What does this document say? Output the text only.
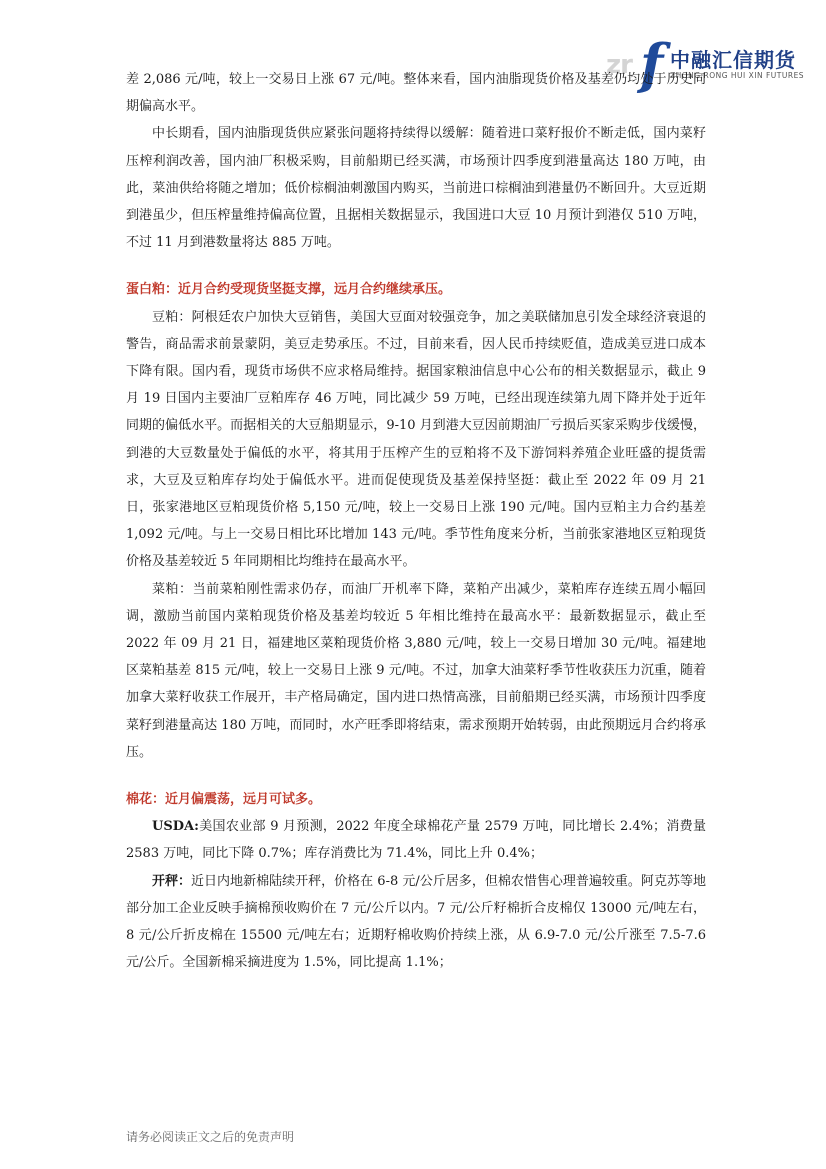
zr f 中融汇信期货
ZHONG RONG HUI XIN FUTURES

差 2,086 元/吨，较上一交易日上涨 67 元/吨。整体来看，国内油脂现货价格及基差仍均处于历史同期偏高水平。

中长期看，国内油脂现货供应紧张问题将持续得以缓解：随着进口菜籽报价不断走低，国内菜籽压榨利润改善，国内油厂积极采购，目前船期已经买满，市场预计四季度到港量高达 180 万吨，由此，菜油供给将随之增加；低价棕榈油刺激国内购买，当前进口棕榈油到港量仍不断回升。大豆近期到港虽少，但压榨量维持偏高位置，且据相关数据显示，我国进口大豆 10 月预计到港仅 510 万吨，不过 11 月到港数量将达 885 万吨。

蛋白粕：近月合约受现货坚挺支撑，远月合约继续承压。

豆粕：阿根廷农户加快大豆销售，美国大豆面对较强竞争，加之美联储加息引发全球经济衰退的警告，商品需求前景蒙阴，美豆走势承压。不过，目前来看，因人民币持续贬值，造成美豆进口成本下降有限。国内看，现货市场供不应求格局维持。据国家粮油信息中心公布的相关数据显示，截止 9 月 19 日国内主要油厂豆粕库存 46 万吨，同比减少 59 万吨，已经出现连续第九周下降并处于近年同期的偏低水平。而据相关的大豆船期显示，9-10 月到港大豆因前期油厂亏损后买家采购步伐缓慢，到港的大豆数量处于偏低的水平，将其用于压榨产生的豆粕将不及下游饲料养殖企业旺盛的提货需求，大豆及豆粕库存均处于偏低水平。进而促使现货及基差保持坚挺：截止至 2022 年 09 月 21 日，张家港地区豆粕现货价格 5,150 元/吨，较上一交易日上涨 190 元/吨。国内豆粕主力合约基差 1,092 元/吨。与上一交易日相比环比增加 143 元/吨。季节性角度来分析，当前张家港地区豆粕现货价格及基差较近 5 年同期相比均维持在最高水平。

菜粕：当前菜粕刚性需求仍存，而油厂开机率下降，菜粕产出减少，菜粕库存连续五周小幅回调，激励当前国内菜粕现货价格及基差均较近 5 年相比维持在最高水平：最新数据显示，截止至 2022 年 09 月 21 日，福建地区菜粕现货价格 3,880 元/吨，较上一交易日增加 30 元/吨。福建地区菜粕基差 815 元/吨，较上一交易日上涨 9 元/吨。不过，加拿大油菜籽季节性收获压力沉重，随着加拿大菜籽收获工作展开，丰产格局确定，国内进口热情高涨，目前船期已经买满，市场预计四季度菜籽到港量高达 180 万吨，而同时，水产旺季即将结束，需求预期开始转弱，由此预期远月合约将承压。

棉花：近月偏震荡，远月可试多。

USDA:美国农业部 9 月预测，2022 年度全球棉花产量 2579 万吨，同比增长 2.4%；消费量 2583 万吨，同比下降 0.7%；库存消费比为 71.4%，同比上升 0.4%；

开秤：近日内地新棉陆续开秤，价格在 6-8 元/公斤居多，但棉农惜售心理普遍较重。阿克苏等地部分加工企业反映手摘棉预收购价在 7 元/公斤以内。7 元/公斤籽棉折合皮棉仅 13000 元/吨左右，8 元/公斤折皮棉在 15500 元/吨左右；近期籽棉收购价持续上涨，从 6.9-7.0 元/公斤涨至 7.5-7.6 元/公斤。全国新棉采摘进度为 1.5%，同比提高 1.1%；

请务必阅读正文之后的免责声明
